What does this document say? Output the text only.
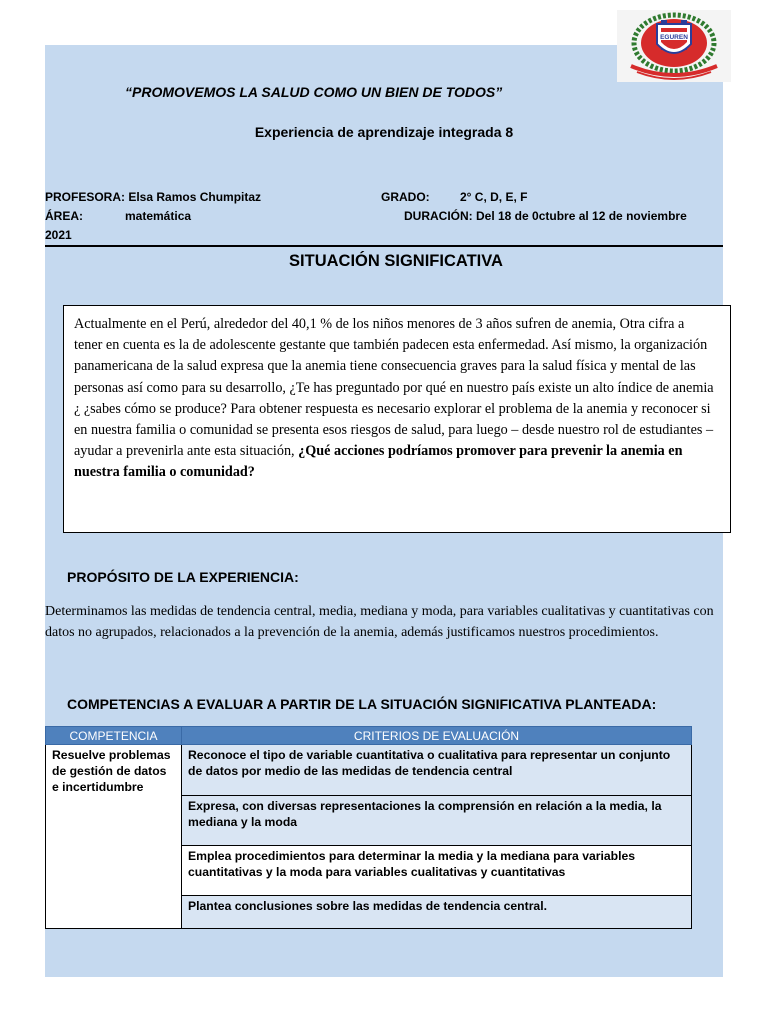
EGUREN
“PROMOVEMOS LA SALUD COMO UN BIEN DE TODOS”
Experiencia de aprendizaje integrada 8
PROFESORA: Elsa Ramos Chumpitaz	GRADO:	2° C, D, E, F
ÁREA:	matemática	DURACIÓN: Del 18 de 0ctubre al 12 de noviembre
2021
SITUACIÓN SIGNIFICATIVA
Actualmente en el Perú, alrededor del 40,1 % de los niños menores de 3 años sufren de anemia, Otra cifra a tener en cuenta es la de adolescente gestante que también padecen esta enfermedad. Así mismo, la organización panamericana de la salud expresa que la anemia tiene consecuencia graves para la salud física y mental de las personas así como para su desarrollo, ¿Te has preguntado por qué en nuestro país existe un alto índice de anemia ¿ ¿sabes cómo se produce? Para obtener respuesta es necesario explorar el problema de la anemia y reconocer si en nuestra familia o comunidad se presenta esos riesgos de salud, para luego – desde nuestro rol de estudiantes – ayudar a prevenirla ante esta situación, ¿Qué acciones podríamos promover para prevenir la anemia en nuestra familia o comunidad?
PROPÓSITO DE LA EXPERIENCIA:
Determinamos las medidas de tendencia central, media, mediana y moda, para variables cualitativas y cuantitativas con datos no agrupados, relacionados a la prevención de la anemia, además justificamos nuestros procedimientos.
COMPETENCIAS A EVALUAR A PARTIR DE LA SITUACIÓN SIGNIFICATIVA PLANTEADA:
COMPETENCIA	CRITERIOS DE EVALUACIÓN
Resuelve problemas de gestión de datos e incertidumbre	Reconoce el tipo de variable cuantitativa o cualitativa para representar un conjunto de datos por medio de las medidas de tendencia central
	Expresa, con diversas representaciones la comprensión en relación a la media, la mediana y la moda
	Emplea procedimientos para determinar la media y la mediana para variables cuantitativas y la moda para variables cualitativas y cuantitativas
	Plantea conclusiones sobre las medidas de tendencia central.
